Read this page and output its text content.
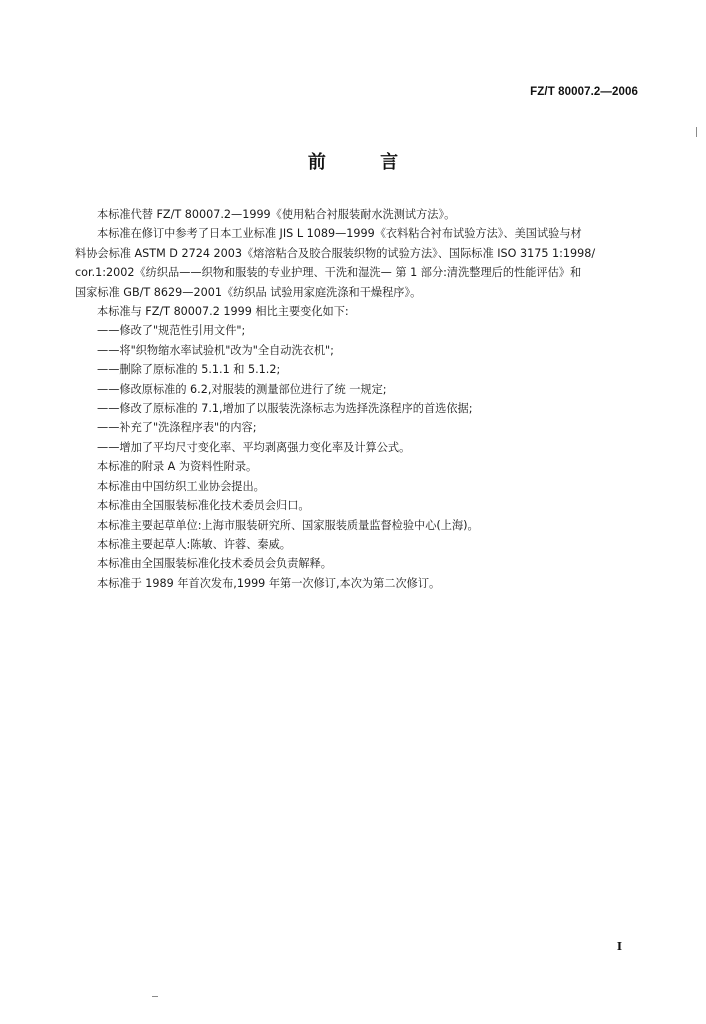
FZ/T 80007.2—2006
前 言

本标准代替 FZ/T 80007.2—1999《使用粘合衬服装耐水洗测试方法》。

本标准在修订中参考了日本工业标准 JIS L 1089—1999《衣料粘合衬布试验方法》、美国试验与材

料协会标准 ASTM D 2724 2003《熔溶粘合及胶合服装织物的试验方法》、国际标准 ISO 3175 1:1998/

cor.1:2002《纺织品——织物和服装的专业护理、干洗和湿洗— 第 1 部分:清洗整理后的性能评估》和

国家标准 GB/T 8629—2001《纺织品 试验用家庭洗涤和干燥程序》。

本标准与 FZ/T 80007.2 1999 相比主要变化如下:

——修改了"规范性引用文件";

——将"织物缩水率试验机"改为"全自动洗衣机";

——删除了原标准的 5.1.1 和 5.1.2;

——修改原标准的 6.2,对服装的测量部位进行了统 一规定;

——修改了原标准的 7.1,增加了以服装洗涤标志为选择洗涤程序的首选依据;

——补充了"洗涤程序表"的内容;

——增加了平均尺寸变化率、平均剥离强力变化率及计算公式。

本标准的附录 A 为资料性附录。

本标准由中国纺织工业协会提出。

本标准由全国服装标准化技术委员会归口。

本标准主要起草单位:上海市服装研究所、国家服装质量监督检验中心(上海)。

本标准主要起草人:陈敏、许蓉、秦威。

本标准由全国服装标准化技术委员会负责解释。

本标准于 1989 年首次发布,1999 年第一次修订,本次为第二次修订。

I
